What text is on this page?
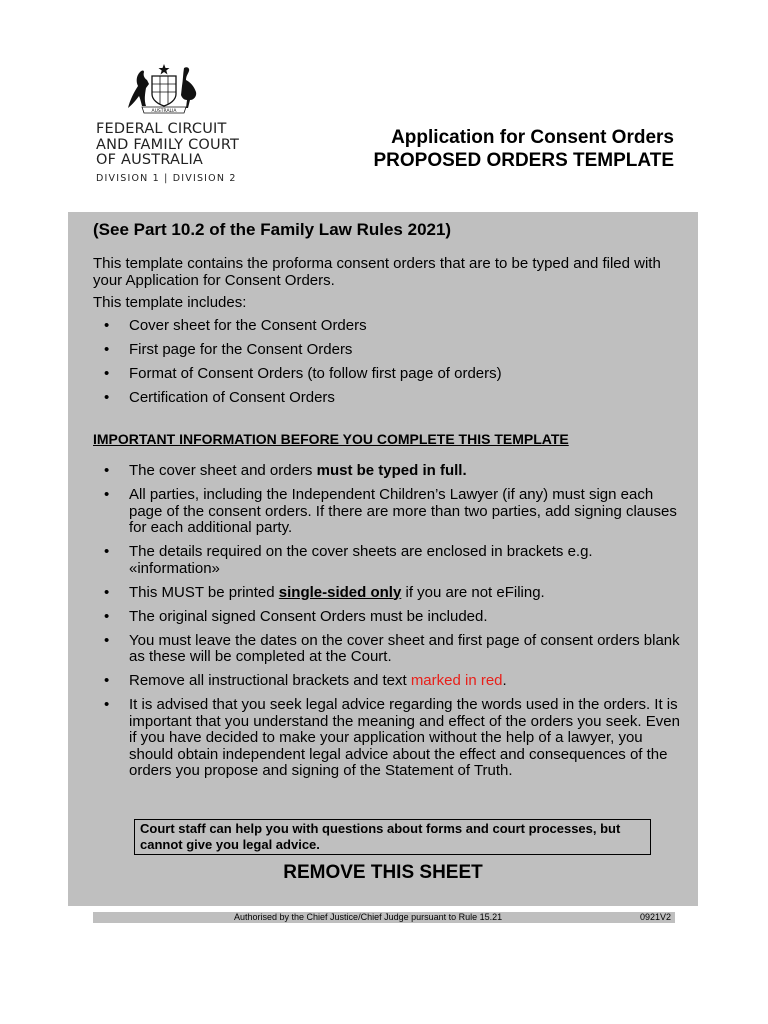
AUSTRALIA
FEDERAL CIRCUIT
AND FAMILY COURT
OF AUSTRALIA
DIVISION 1 | DIVISION 2
Application for Consent Orders
PROPOSED ORDERS TEMPLATE
(See Part 10.2 of the Family Law Rules 2021)

This template contains the proforma consent orders that are to be typed and filed with your Application for Consent Orders.

This template includes:

• Cover sheet for the Consent Orders
• First page for the Consent Orders
• Format of Consent Orders (to follow first page of orders)
• Certification of Consent Orders
IMPORTANT INFORMATION BEFORE YOU COMPLETE THIS TEMPLATE
• The cover sheet and orders must be typed in full.
• All parties, including the Independent Children’s Lawyer (if any) must sign each page of the consent orders. If there are more than two parties, add signing clauses for each additional party.
• The details required on the cover sheets are enclosed in brackets e.g. «information»
• This MUST be printed single-sided only if you are not eFiling.
• The original signed Consent Orders must be included.
• You must leave the dates on the cover sheet and first page of consent orders blank as these will be completed at the Court.
• Remove all instructional brackets and text marked in red.
• It is advised that you seek legal advice regarding the words used in the orders. It is important that you understand the meaning and effect of the orders you seek. Even if you have decided to make your application without the help of a lawyer, you should obtain independent legal advice about the effect and consequences of the orders you propose and signing of the Statement of Truth.
Court staff can help you with questions about forms and court processes, but cannot give you legal advice.
REMOVE THIS SHEET
Authorised by the Chief Justice/Chief Judge pursuant to Rule 15.21	0921V2
